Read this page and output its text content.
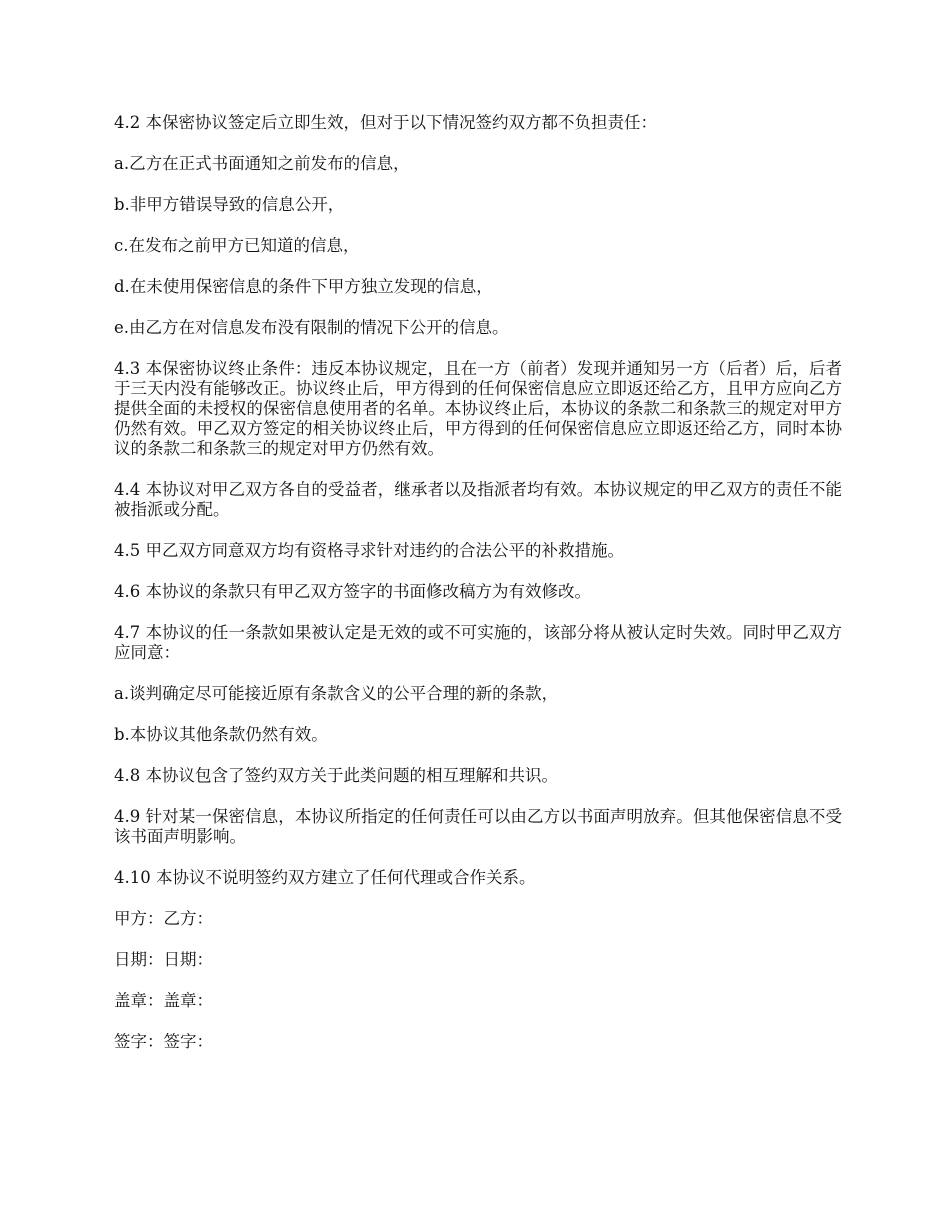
4.2 本保密协议签定后立即生效，但对于以下情况签约双方都不负担责任：

a.乙方在正式书面通知之前发布的信息，

b.非甲方错误导致的信息公开，

c.在发布之前甲方已知道的信息，

d.在未使用保密信息的条件下甲方独立发现的信息，

e.由乙方在对信息发布没有限制的情况下公开的信息。

4.3 本保密协议终止条件：违反本协议规定，且在一方（前者）发现并通知另一方（后者）后，后者于三天内没有能够改正。协议终止后，甲方得到的任何保密信息应立即返还给乙方，且甲方应向乙方提供全面的未授权的保密信息使用者的名单。本协议终止后，本协议的条款二和条款三的规定对甲方仍然有效。甲乙双方签定的相关协议终止后，甲方得到的任何保密信息应立即返还给乙方，同时本协议的条款二和条款三的规定对甲方仍然有效。

4.4 本协议对甲乙双方各自的受益者，继承者以及指派者均有效。本协议规定的甲乙双方的责任不能被指派或分配。

4.5 甲乙双方同意双方均有资格寻求针对违约的合法公平的补救措施。

4.6 本协议的条款只有甲乙双方签字的书面修改稿方为有效修改。

4.7 本协议的任一条款如果被认定是无效的或不可实施的，该部分将从被认定时失效。同时甲乙双方应同意：

a.谈判确定尽可能接近原有条款含义的公平合理的新的条款，

b.本协议其他条款仍然有效。

4.8 本协议包含了签约双方关于此类问题的相互理解和共识。

4.9 针对某一保密信息，本协议所指定的任何责任可以由乙方以书面声明放弃。但其他保密信息不受该书面声明影响。

4.10 本协议不说明签约双方建立了任何代理或合作关系。

甲方：乙方：

日期：日期：

盖章：盖章：

签字：签字：
